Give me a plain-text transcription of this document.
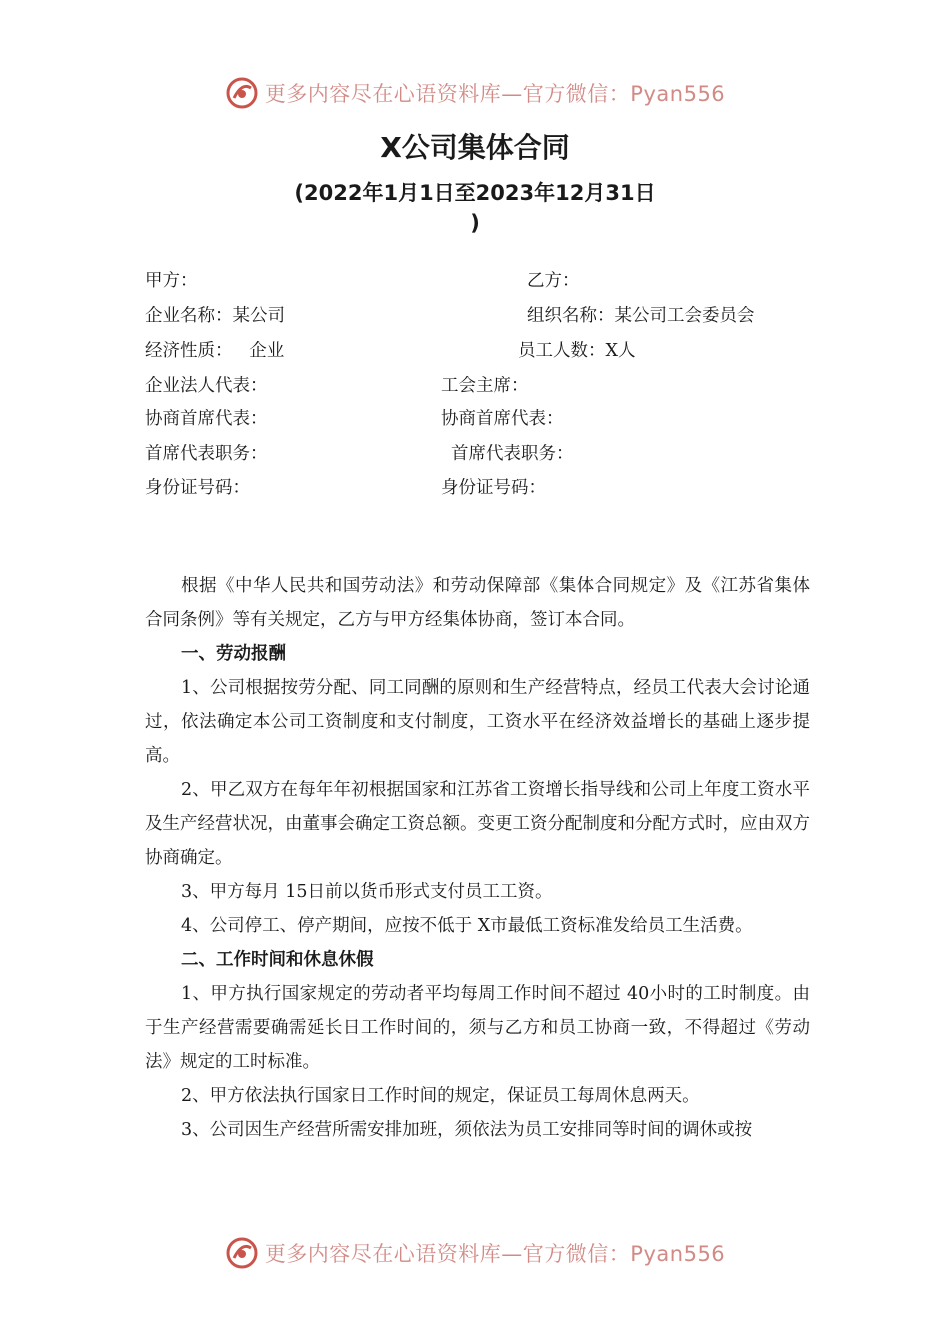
更多内容尽在心语资料库—官方微信：Pyan556
X公司集体合同
(2022年1月1日至2023年12月31日
)
甲方：	乙方：
企业名称：某公司	组织名称：某公司工会委员会
经济性质：   企业	员工人数：X人
企业法人代表：	工会主席：
协商首席代表：	协商首席代表：
首席代表职务：	首席代表职务：
身份证号码：	身份证号码：

根据《中华人民共和国劳动法》和劳动保障部《集体合同规定》及《江苏省集体合同条例》等有关规定，乙方与甲方经集体协商，签订本合同。

一、劳动报酬

1、公司根据按劳分配、同工同酬的原则和生产经营特点，经员工代表大会讨论通过，依法确定本公司工资制度和支付制度，工资水平在经济效益增长的基础上逐步提高。

2、甲乙双方在每年年初根据国家和江苏省工资增长指导线和公司上年度工资水平及生产经营状况，由董事会确定工资总额。变更工资分配制度和分配方式时，应由双方协商确定。

3、甲方每月 15日前以货币形式支付员工工资。

4、公司停工、停产期间，应按不低于 X市最低工资标准发给员工生活费。

二、工作时间和休息休假

1、甲方执行国家规定的劳动者平均每周工作时间不超过 40小时的工时制度。由于生产经营需要确需延长日工作时间的，须与乙方和员工协商一致，不得超过《劳动法》规定的工时标准。

2、甲方依法执行国家日工作时间的规定，保证员工每周休息两天。

3、公司因生产经营所需安排加班，须依法为员工安排同等时间的调休或按

更多内容尽在心语资料库—官方微信：Pyan556
